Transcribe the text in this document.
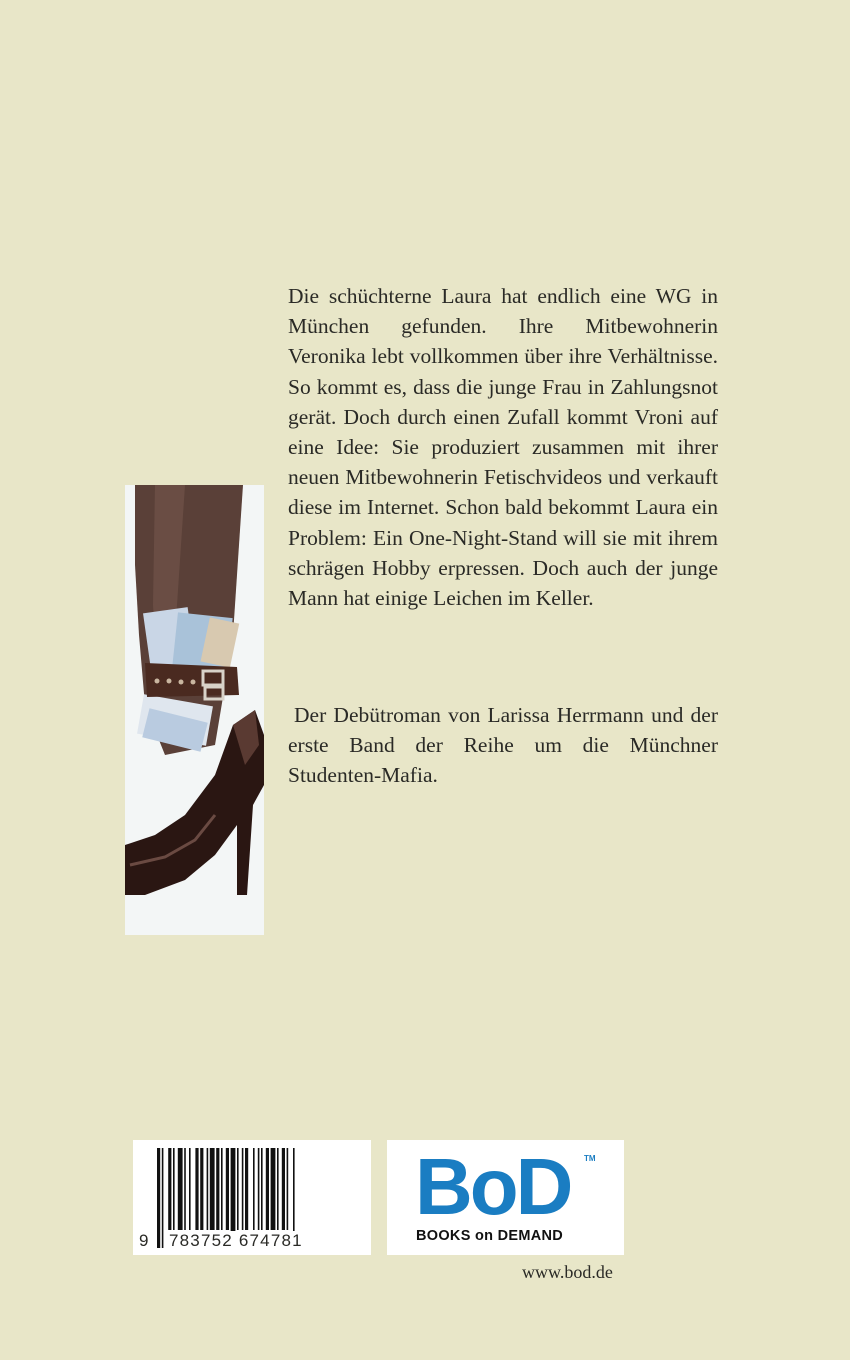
Die schüchterne Laura hat endlich eine WG in München gefunden. Ihre Mitbewohnerin Veronika lebt vollkommen über ihre Verhältnisse. So kommt es, dass die junge Frau in Zahlungsnot gerät. Doch durch einen Zufall kommt Vroni auf eine Idee: Sie produziert zusammen mit ihrer neuen Mitbewohnerin Fetischvideos und verkauft diese im Internet. Schon bald bekommt Laura ein Problem: Ein One-Night-Stand will sie mit ihrem schrägen Hobby erpressen. Doch auch der junge Mann hat einige Leichen im Keller.

Der Debütroman von Larissa Herrmann und der erste Band der Reihe um die Münchner Studenten-Mafia.

9 783752 674781
BoD TM
BOOKS on DEMAND
www.bod.de
